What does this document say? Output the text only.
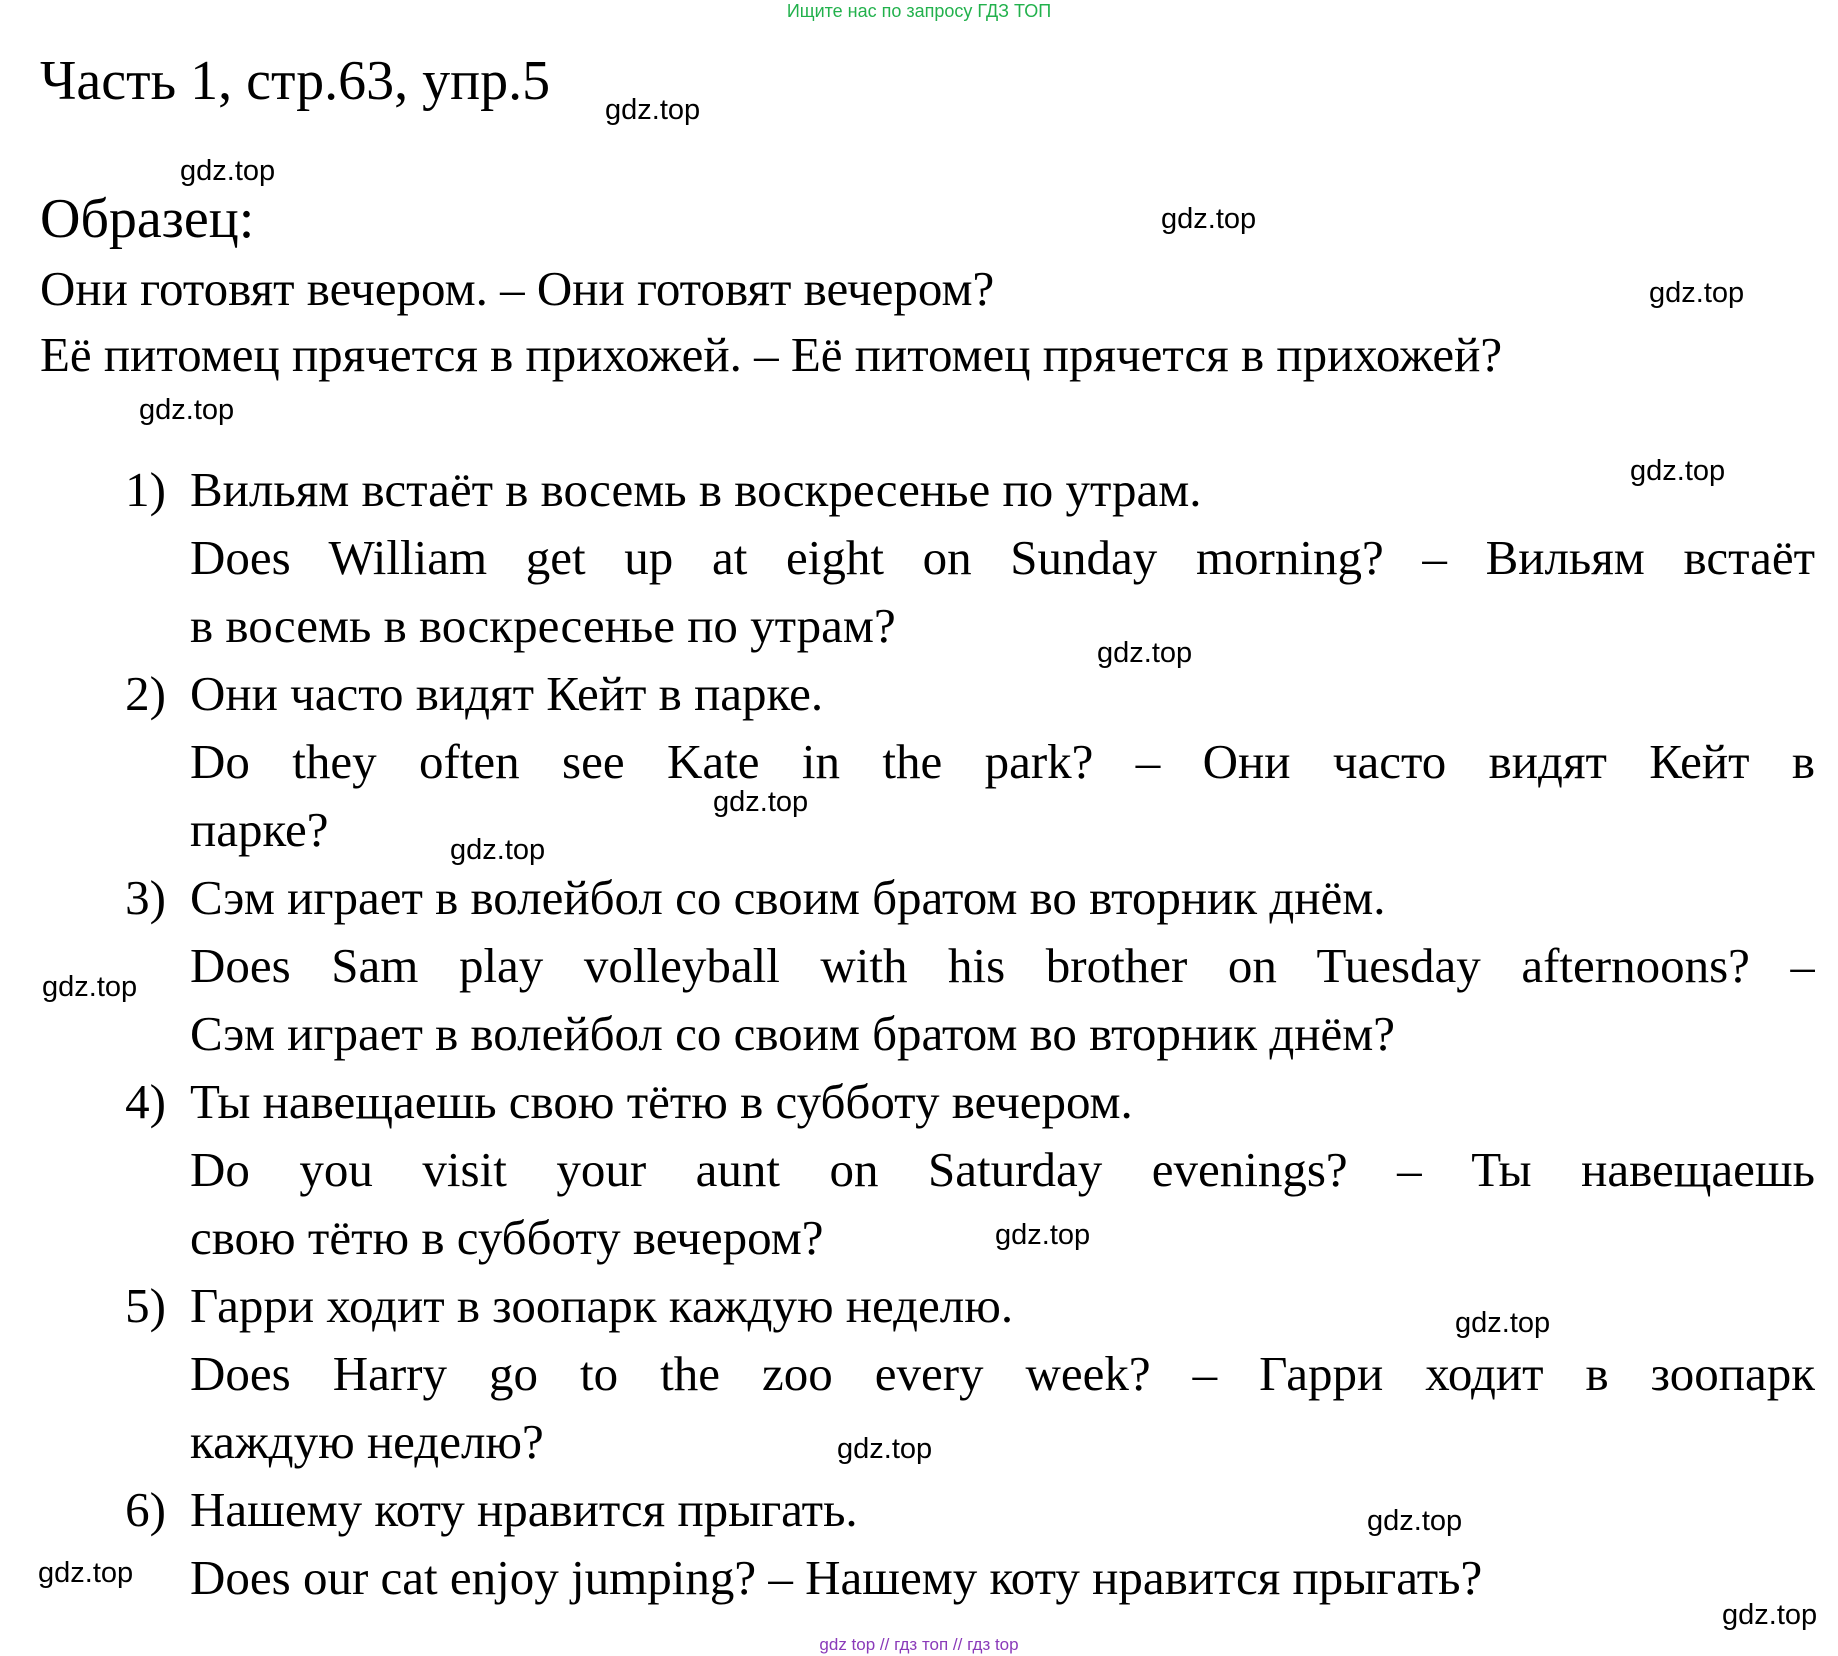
Ищите нас по запросу ГДЗ ТОП
Часть 1, стр.63, упр.5
Образец:
Они готовят вечером. – Они готовят вечером?
Её питомец прячется в прихожей. – Её питомец прячется в прихожей?
1) Вильям встаёт в восемь в воскресенье по утрам.
Does William get up at eight on Sunday morning? – Вильям встаёт
в восемь в воскресенье по утрам?
2) Они часто видят Кейт в парке.
Do they often see Kate in the park? – Они часто видят Кейт в
парке?
3) Сэм играет в волейбол со своим братом во вторник днём.
Does Sam play volleyball with his brother on Tuesday afternoons? –
Сэм играет в волейбол со своим братом во вторник днём?
4) Ты навещаешь свою тётю в субботу вечером.
Do you visit your aunt on Saturday evenings? – Ты навещаешь
свою тётю в субботу вечером?
5) Гарри ходит в зоопарк каждую неделю.
Does Harry go to the zoo every week? – Гарри ходит в зоопарк
каждую неделю?
6) Нашему коту нравится прыгать.
Does our cat enjoy jumping? – Нашему коту нравится прыгать?
gdz.top
gdz.top
gdz.top
gdz.top
gdz.top
gdz.top
gdz.top
gdz.top
gdz.top
gdz.top
gdz.top
gdz.top
gdz.top
gdz.top
gdz.top
gdz.top
gdz top // гдз топ // гдз top
